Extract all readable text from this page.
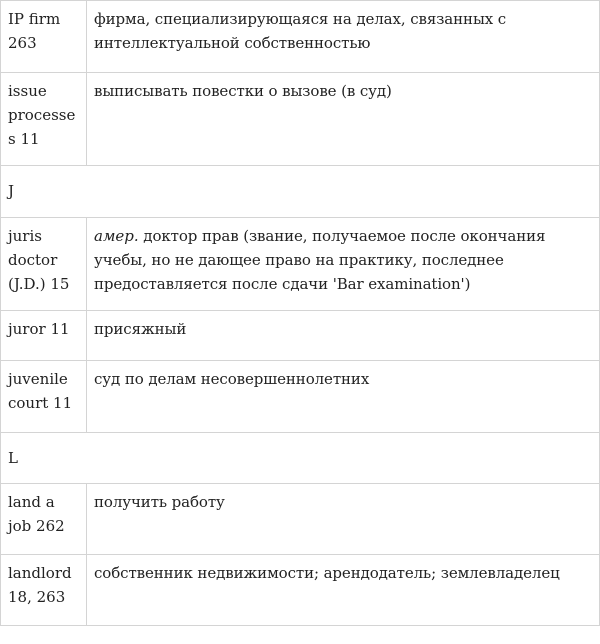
IP firm 263	фирма, специализирующаяся на делах, связанных с интеллектуальной собственностью
issue processes 11	выписывать повестки о вызове (в суд)
J	
juris doctor (J.D.) 15	амер. доктор прав (звание, получаемое после окончания учебы, но не дающее право на практику, последнее предоставляется после сдачи 'Bar examination')
juror 11	присяжный
juvenile court 11	суд по делам несовершеннолетних
L	
land a job 262	получить работу
landlord 18, 263	собственник недвижимости; арендодатель; землевладелец
